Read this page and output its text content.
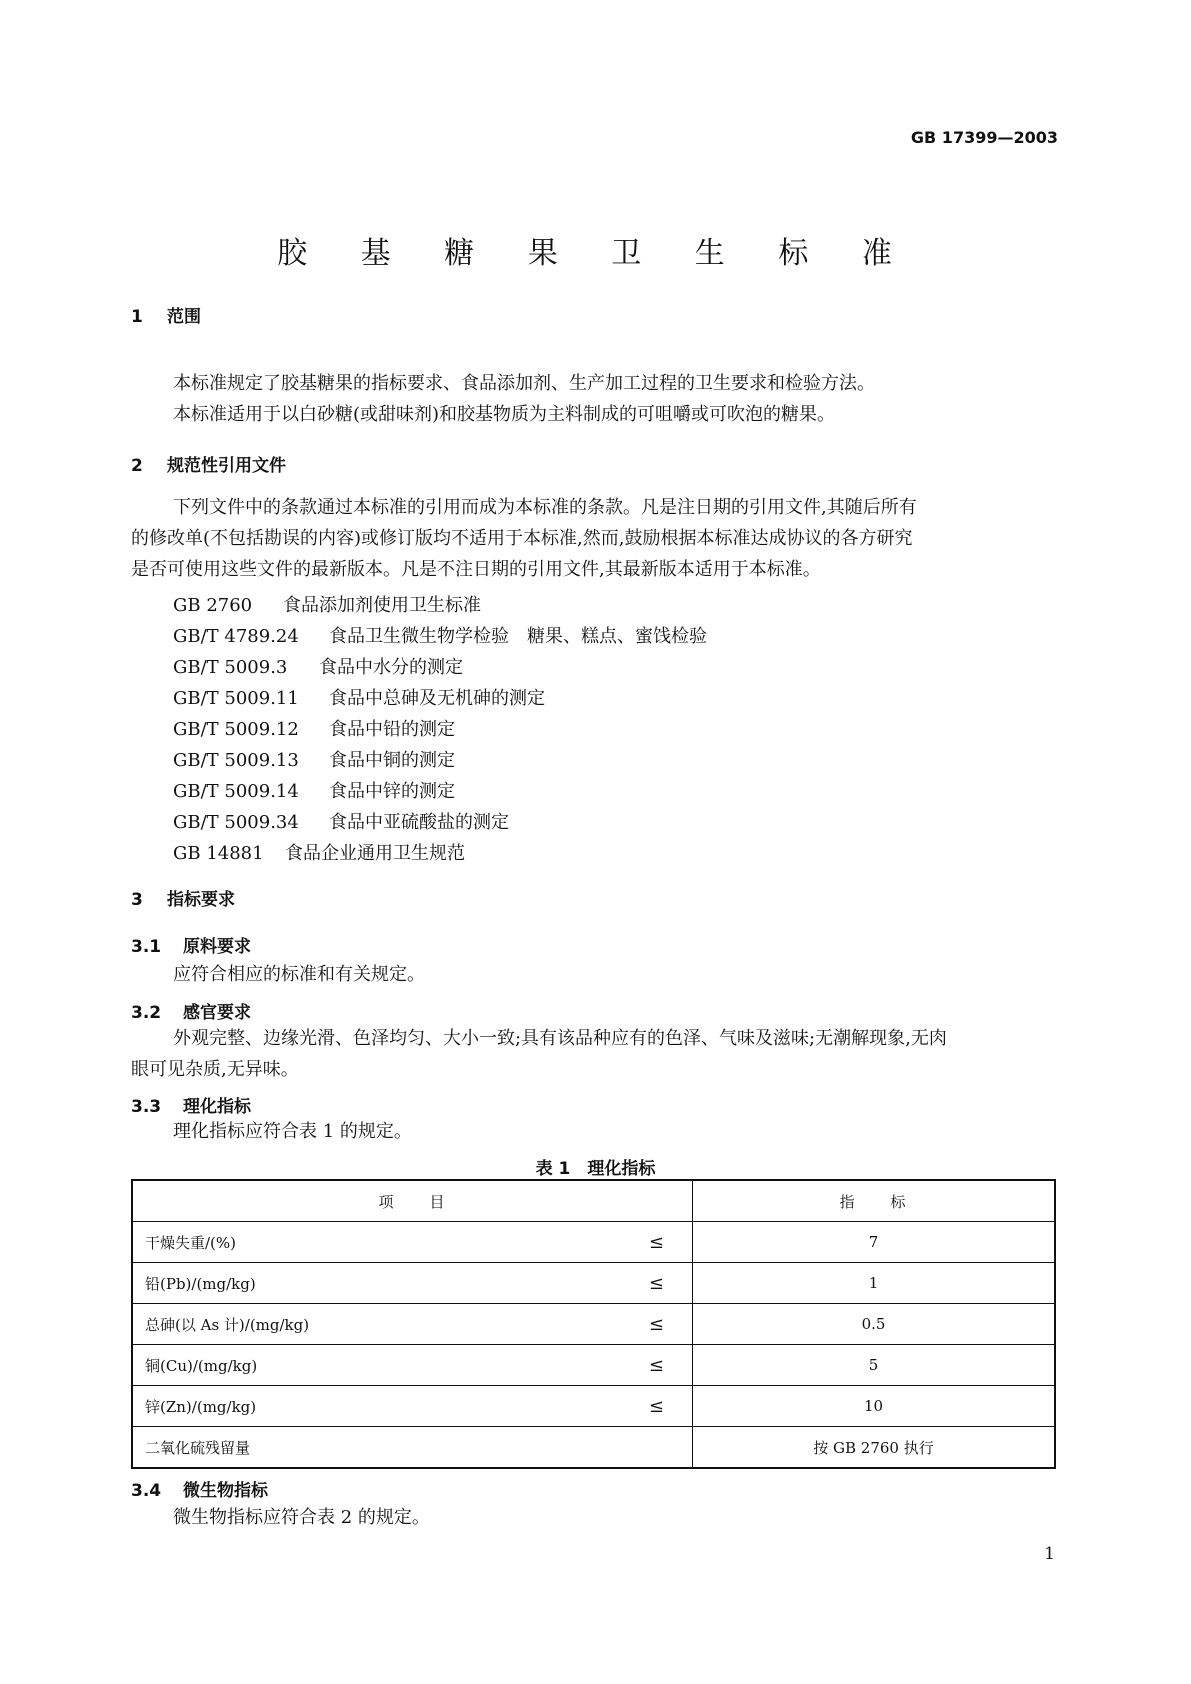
GB 17399—2003
胶 基 糖 果 卫 生 标 准
1 范围
本标准规定了胶基糖果的指标要求、食品添加剂、生产加工过程的卫生要求和检验方法。
本标准适用于以白砂糖(或甜味剂)和胶基物质为主料制成的可咀嚼或可吹泡的糖果。
2 规范性引用文件
下列文件中的条款通过本标准的引用而成为本标准的条款。凡是注日期的引用文件,其随后所有
的修改单(不包括勘误的内容)或修订版均不适用于本标准,然而,鼓励根据本标准达成协议的各方研究
是否可使用这些文件的最新版本。凡是不注日期的引用文件,其最新版本适用于本标准。
GB 2760 食品添加剂使用卫生标准
GB/T 4789.24 食品卫生微生物学检验　糖果、糕点、蜜饯检验
GB/T 5009.3 食品中水分的测定
GB/T 5009.11 食品中总砷及无机砷的测定
GB/T 5009.12 食品中铅的测定
GB/T 5009.13 食品中铜的测定
GB/T 5009.14 食品中锌的测定
GB/T 5009.34 食品中亚硫酸盐的测定
GB 14881 食品企业通用卫生规范
3 指标要求
3.1 原料要求
应符合相应的标准和有关规定。
3.2 感官要求
外观完整、边缘光滑、色泽均匀、大小一致;具有该品种应有的色泽、气味及滋味;无潮解现象,无肉
眼可见杂质,无异味。
3.3 理化指标
理化指标应符合表 1 的规定。
表 1　理化指标
项　　目	指　　标
干燥失重/(%) ≤	7
铅(Pb)/(mg/kg) ≤	1
总砷(以 As 计)/(mg/kg) ≤	0.5
铜(Cu)/(mg/kg) ≤	5
锌(Zn)/(mg/kg) ≤	10
二氧化硫残留量	按 GB 2760 执行
3.4 微生物指标
微生物指标应符合表 2 的规定。
1
